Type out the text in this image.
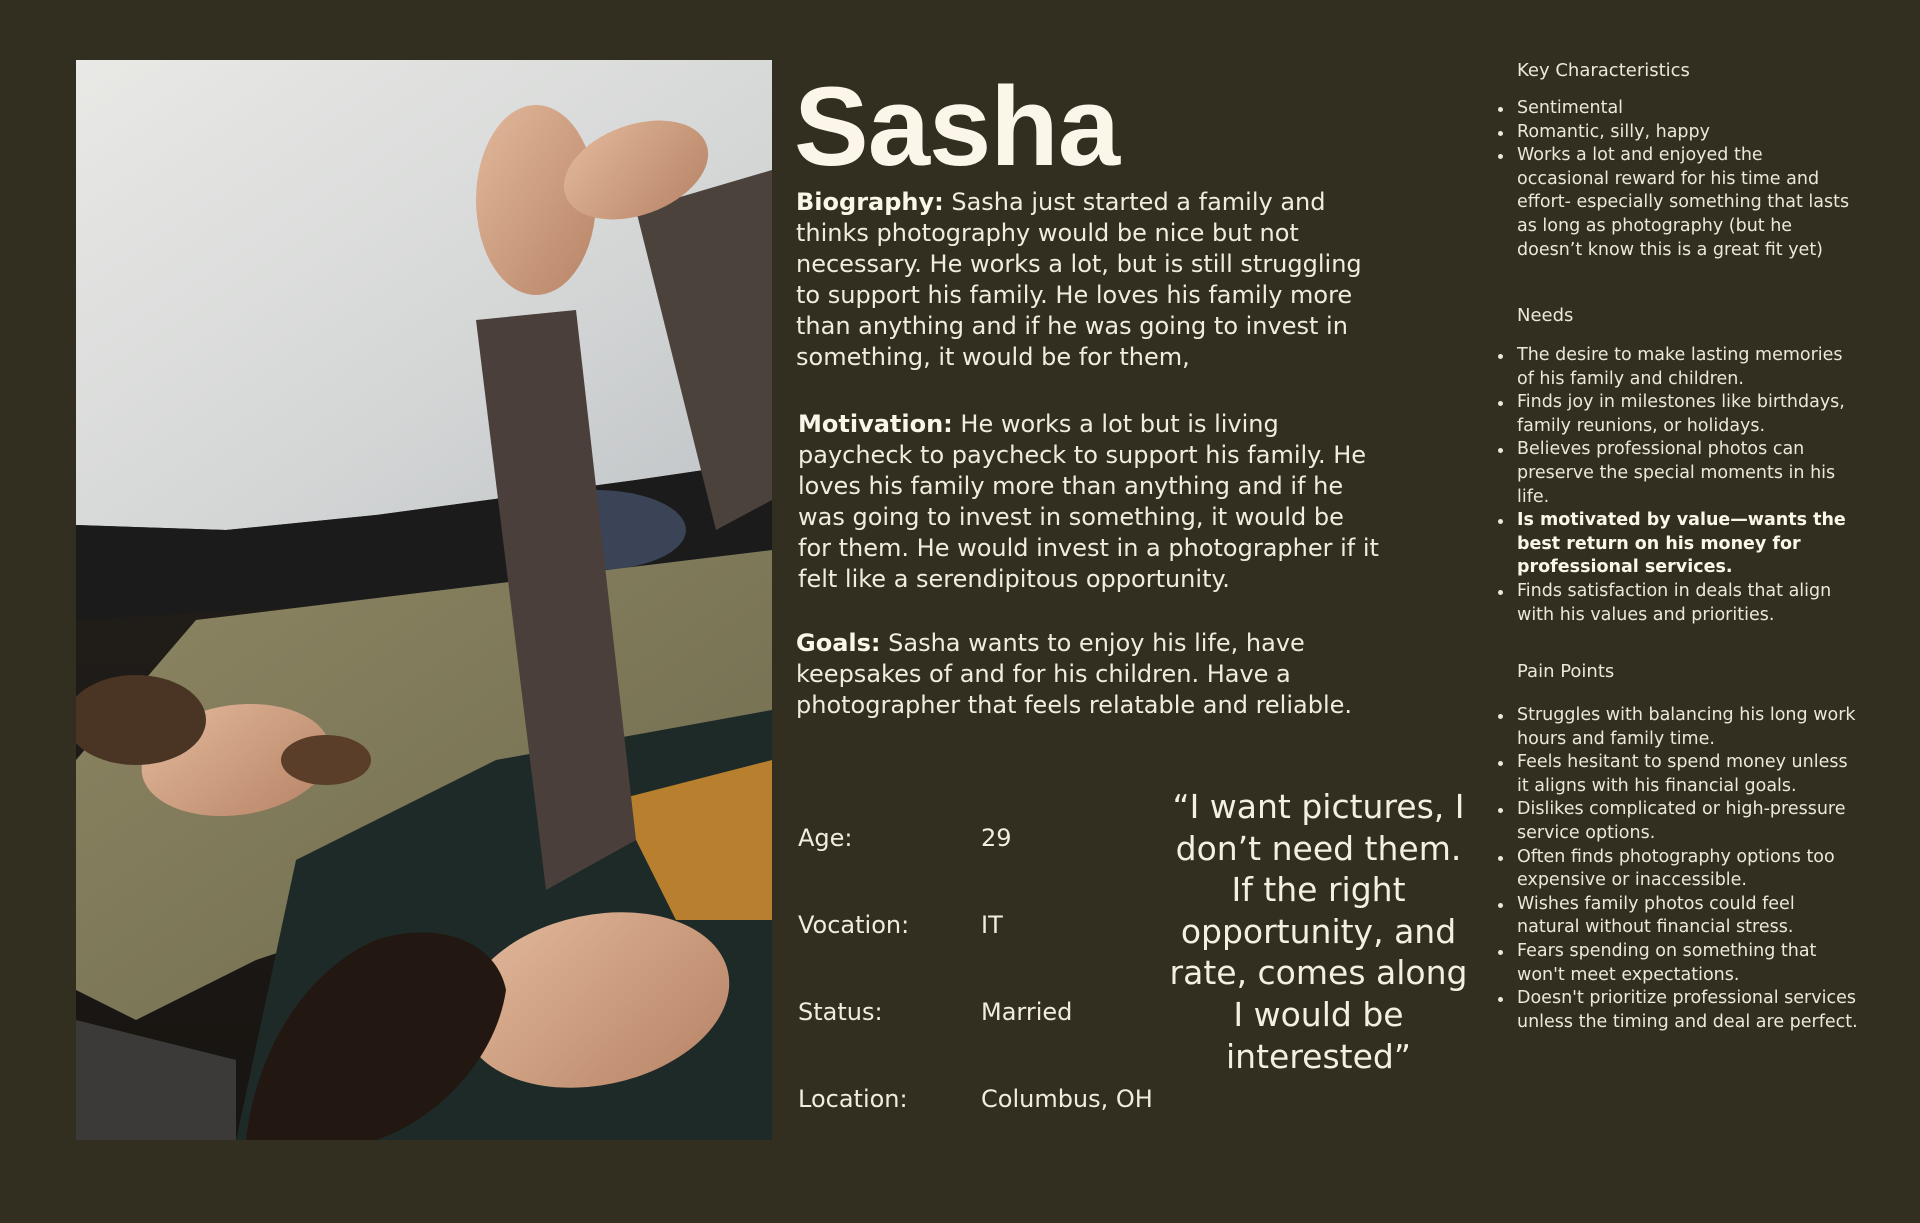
Sasha

Biography: Sasha just started a family and thinks photography would be nice but not necessary. He works a lot, but is still struggling to support his family. He loves his family more than anything and if he was going to invest in something, it would be for them,

Motivation: He works a lot but is living paycheck to paycheck to support his family. He loves his family more than anything and if he was going to invest in something, it would be for them. He would invest in a photographer if it felt like a serendipitous opportunity.

Goals: Sasha wants to enjoy his life, have keepsakes of and for his children. Have a photographer that feels relatable and reliable.

Age:	29
Vocation:	IT
Status:	Married
Location:	Columbus, OH

“I want pictures, I don’t need them. If the right opportunity, and rate, comes along I would be interested”

Key Characteristics
Sentimental
Romantic, silly, happy
Works a lot and enjoyed the occasional reward for his time and effort- especially something that lasts as long as photography (but he doesn’t know this is a great fit yet)
Needs
The desire to make lasting memories of his family and children.
Finds joy in milestones like birthdays, family reunions, or holidays.
Believes professional photos can preserve the special moments in his life.
Is motivated by value—wants the best return on his money for professional services.
Finds satisfaction in deals that align with his values and priorities.
Pain Points
Struggles with balancing his long work hours and family time.
Feels hesitant to spend money unless it aligns with his financial goals.
Dislikes complicated or high-pressure service options.
Often finds photography options too expensive or inaccessible.
Wishes family photos could feel natural without financial stress.
Fears spending on something that won't meet expectations.
Doesn't prioritize professional services unless the timing and deal are perfect.
